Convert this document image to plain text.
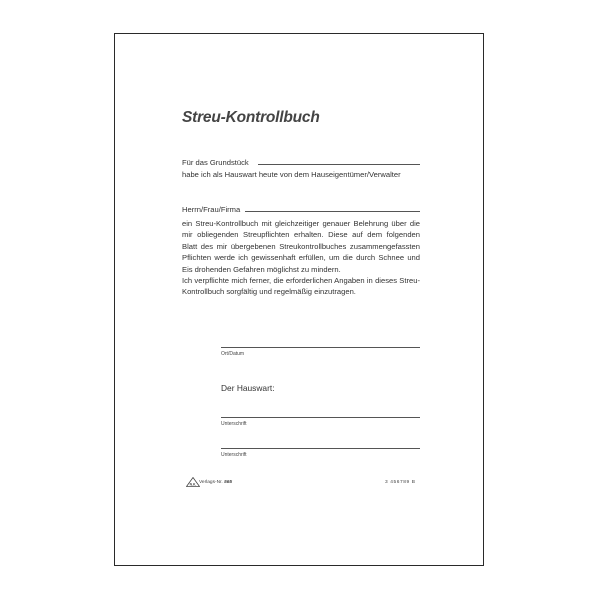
Streu-Kontrollbuch
Für das Grundstück
habe ich als Hauswart heute von dem Hauseigentümer/Verwalter
Herrn/Frau/Firma
ein Streu-Kontrollbuch mit gleichzeitiger genauer Belehrung über die mir obliegenden Streupflichten erhalten. Diese auf dem folgenden Blatt des mir übergebenen Streukontrollbuches zusammengefassten Pflichten werde ich gewissenhaft erfüllen, um die durch Schnee und Eis drohenden Gefahren möglichst zu mindern.
Ich verpflichte mich ferner, die erforderlichen Angaben in dieses Streu-Kontrollbuch sorgfältig und regelmäßig einzutragen.
Ort/Datum
Der Hauswart:
Unterschrift
Unterschrift
N.K. Verlags-Nr. 565	3 456789 B
